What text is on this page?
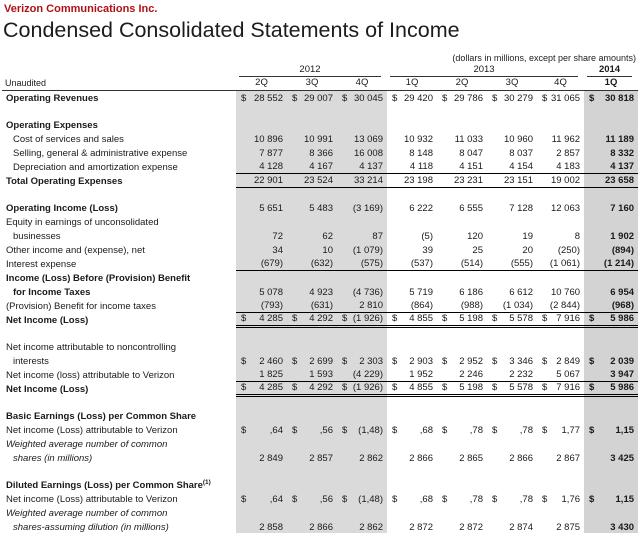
Verizon Communications Inc.
Condensed Consolidated Statements of Income
(dollars in millions, except per share amounts)

	2012			2013				2014

Unaudited	2Q	3Q	4Q	1Q	2Q	3Q	4Q	1Q
Operating Revenues	$ 28 552	$ 29 007	$ 30 045	$ 29 420	$ 29 786	$ 30 279	$ 31 065	$ 30 818

Operating Expenses								
Cost of services and sales	10 896	10 991	13 069	10 932	11 033	10 960	11 962	11 189

Selling, general & administrative expense	7 877	8 366	16 008	8 148	8 047	8 037	2 857	8 332

Depreciation and amortization expense	4 128	4 167	4 137	4 118	4 151	4 154	4 183	4 137

Total Operating Expenses	22 901	23 524	33 214	23 198	23 231	23 151	19 002	23 658

Operating Income (Loss)	5 651	5 483	(3 169)	6 222	6 555	7 128	12 063	7 160

Equity in earnings of unconsolidated								
businesses	72	62	87	(5)	120	19	8	1 902

Other income and (expense), net	34	10	(1 079)	39	25	20	(250)	(894)

Interest expense	(679)	(632)	(575)	(537)	(514)	(555)	(1 061)	(1 214)

Income (Loss) Before (Provision) Benefit								
for Income Taxes	5 078	4 923	(4 736)	5 719	6 186	6 612	10 760	6 954

(Provision) Benefit for income taxes	(793)	(631)	2 810	(864)	(988)	(1 034)	(2 844)	(968)

Net Income (Loss)	$ 4 285	$ 4 292	$ (1 926)	$ 4 855	$ 5 198	$ 5 578	$ 7 916	$ 5 986

Net income attributable to noncontrolling								
interests	$ 2 460	$ 2 699	$ 2 303	$ 2 903	$ 2 952	$ 3 346	$ 2 849	$ 2 039

Net income (loss) attributable to Verizon	1 825	1 593	(4 229)	1 952	2 246	2 232	5 067	3 947

Net Income (Loss)	$ 4 285	$ 4 292	$ (1 926)	$ 4 855	$ 5 198	$ 5 578	$ 7 916	$ 5 986

Basic Earnings (Loss) per Common Share								
Net income (Loss) attributable to Verizon	$ ,64	$ ,56	$ (1,48)	$ ,68	$ ,78	$ ,78	$ 1,77	$ 1,15

Weighted average number of common								
shares (in millions)	2 849	2 857	2 862	2 866	2 865	2 866	2 867	3 425

Diluted Earnings (Loss) per Common Share$^{(1)}$								
Net income (Loss) attributable to Verizon	$ ,64	$ ,56	$ (1,48)	$ ,68	$ ,78	$ ,78	$ 1,76	$ 1,15

Weighted average number of common								
shares-assuming dilution (in millions)	2 858	2 866	2 862	2 872	2 872	2 874	2 875	3 430
